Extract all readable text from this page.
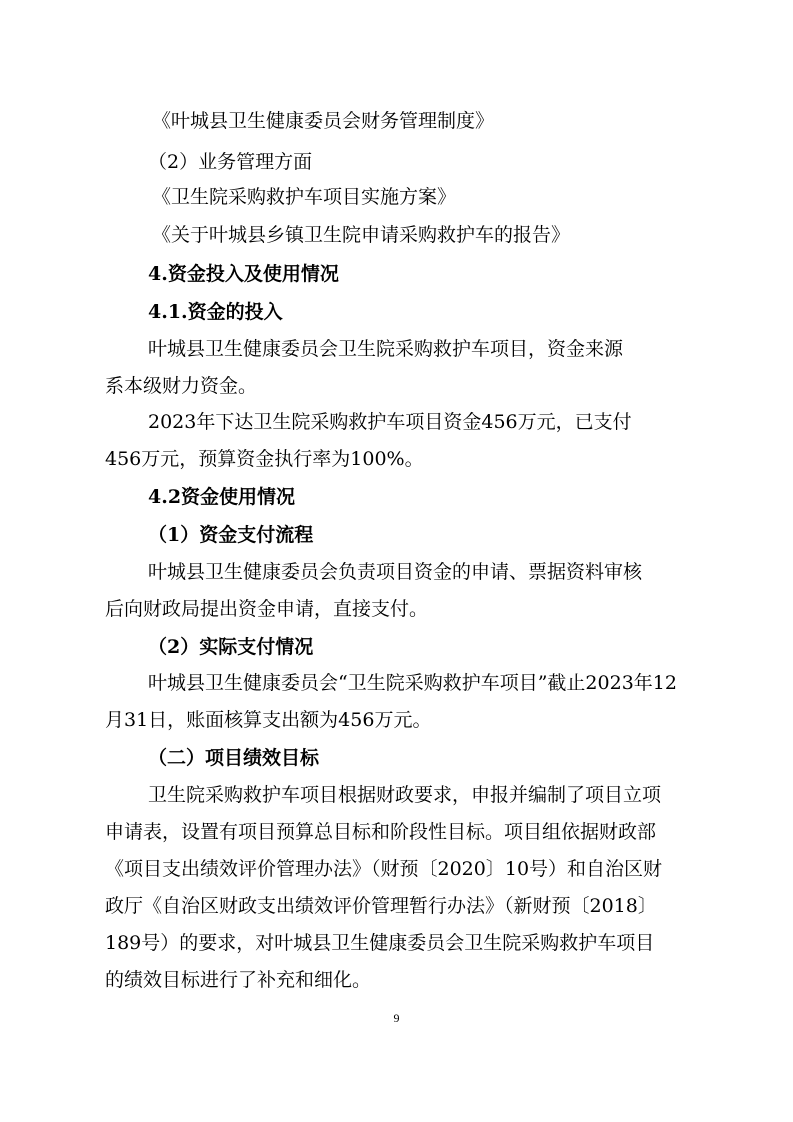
《叶城县卫生健康委员会财务管理制度》
（2）业务管理方面
《卫生院采购救护车项目实施方案》
《关于叶城县乡镇卫生院申请采购救护车的报告》
4.资金投入及使用情况
4.1.资金的投入
叶城县卫生健康委员会卫生院采购救护车项目，资金来源
系本级财力资金。
2023年下达卫生院采购救护车项目资金456万元，已支付
456万元，预算资金执行率为100%。
4.2资金使用情况
（1）资金支付流程
叶城县卫生健康委员会负责项目资金的申请、票据资料审核
后向财政局提出资金申请，直接支付。
（2）实际支付情况
叶城县卫生健康委员会“卫生院采购救护车项目”截止2023年12
月31日，账面核算支出额为456万元。
（二）项目绩效目标
卫生院采购救护车项目根据财政要求，申报并编制了项目立项
申请表，设置有项目预算总目标和阶段性目标。项目组依据财政部
《项目支出绩效评价管理办法》（财预〔2020〕10号）和自治区财
政厅《自治区财政支出绩效评价管理暂行办法》（新财预〔2018〕
189号）的要求，对叶城县卫生健康委员会卫生院采购救护车项目
的绩效目标进行了补充和细化。
9
